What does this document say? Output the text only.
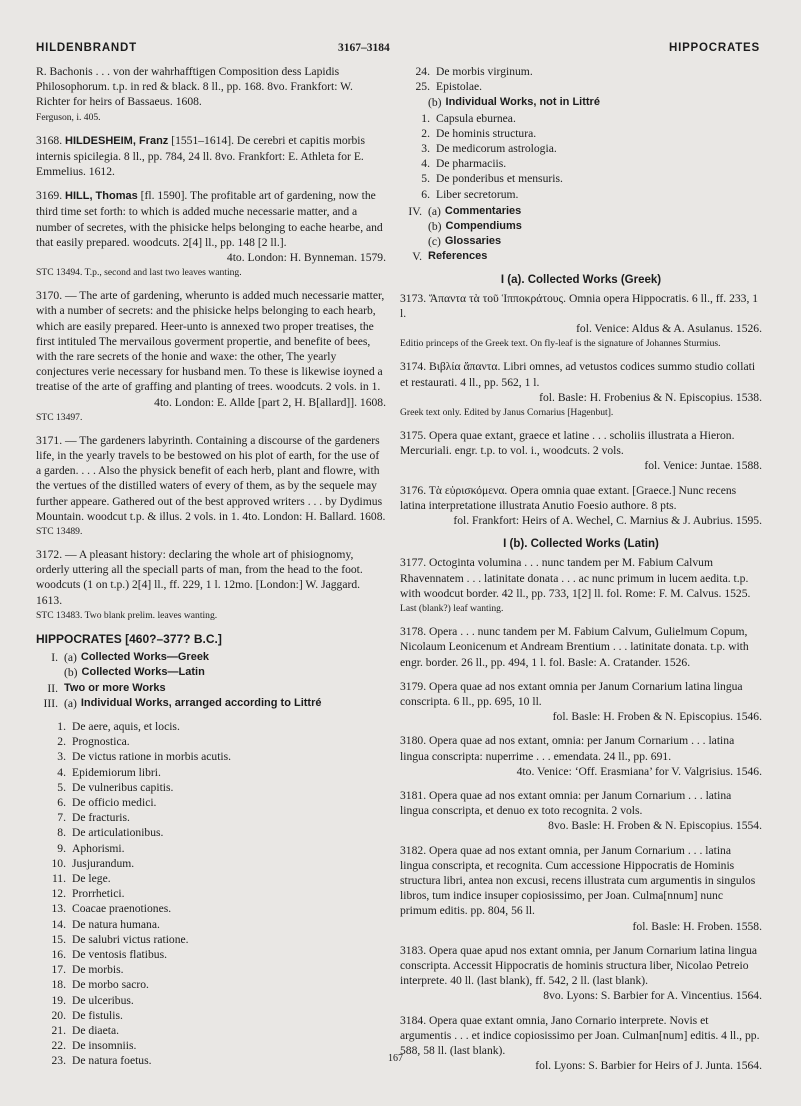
HILDENBRANDT	3167–3184	HIPPOCRATES
R. Bachonis . . . von der wahrhafftigen Composition dess Lapidis Philosophorum. t.p. in red & black. 8 ll., pp. 168. 8vo. Frankfort: W. Richter for heirs of Bassaeus. 1608.
Ferguson, i. 405.
3168. HILDESHEIM, Franz [1551–1614]. De cerebri et capitis morbis internis spicilegia. 8 ll., pp. 784, 24 ll. 8vo. Frankfort: E. Athleta for E. Emmelius. 1612.
3169. HILL, Thomas [fl. 1590]. The profitable art of gardening, now the third time set forth: to which is added muche necessarie matter, and a number of secretes, with the phisicke helps belonging to eache hearbe, and that easily prepared. woodcuts. 2[4] ll., pp. 148 [2 ll.].
4to. London: H. Bynneman. 1579.
STC 13494. T.p., second and last two leaves wanting.
3170. — The arte of gardening, wherunto is added much necessarie matter, with a number of secrets: and the phisicke helps belonging to each hearb, which are easily prepared. Heer-unto is annexed two proper treatises, the first intituled The mervailous goverment propertie, and benefite of bees, with the rare secrets of the honie and waxe: the other, The yearly conjectures verie necessary for husband men. To these is likewise ioyned a treatise of the arte of graffing and planting of trees. woodcuts. 2 vols. in 1.
4to. London: E. Allde [part 2, H. B[allard]]. 1608.
STC 13497.
3171. — The gardeners labyrinth. Containing a discourse of the gardeners life, in the yearly travels to be bestowed on his plot of earth, for the use of a garden. . . . Also the physick benefit of each herb, plant and flowre, with the vertues of the distilled waters of every of them, as by the sequele may further appeare. Gathered out of the best approved writers . . . by Dydimus Mountain. woodcut t.p. & illus. 2 vols. in 1. 4to. London: H. Ballard. 1608.
STC 13489.
3172. — A pleasant history: declaring the whole art of phisiognomy, orderly uttering all the speciall parts of man, from the head to the foot. woodcuts (1 on t.p.) 2[4] ll., ff. 229, 1 l. 12mo. [London:] W. Jaggard. 1613.
STC 13483. Two blank prelim. leaves wanting.
HIPPOCRATES [460?–377? B.C.]
I. (a) Collected Works—Greek
(b) Collected Works—Latin
II. Two or more Works
III. (a) Individual Works, arranged according to Littré
1. De aere, aquis, et locis.
2. Prognostica.
3. De victus ratione in morbis acutis.
4. Epidemiorum libri.
5. De vulneribus capitis.
6. De officio medici.
7. De fracturis.
8. De articulationibus.
9. Aphorismi.
10. Jusjurandum.
11. De lege.
12. Prorrhetici.
13. Coacae praenotiones.
14. De natura humana.
15. De salubri victus ratione.
16. De ventosis flatibus.
17. De morbis.
18. De morbo sacro.
19. De ulceribus.
20. De fistulis.
21. De diaeta.
22. De insomniis.
23. De natura foetus.
24. De morbis virginum.
25. Epistolae.
(b) Individual Works, not in Littré
1. Capsula eburnea.
2. De hominis structura.
3. De medicorum astrologia.
4. De pharmaciis.
5. De ponderibus et mensuris.
6. Liber secretorum.
IV. (a) Commentaries
(b) Compendiums
(c) Glossaries
V. References
I (a). Collected Works (Greek)
3173. Ἅπαντα τὰ τοῦ Ἱπποκράτους. Omnia opera Hippocratis. 6 ll., ff. 233, 1 l.
fol. Venice: Aldus & A. Asulanus. 1526.
Editio princeps of the Greek text. On fly-leaf is the signature of Johannes Sturmius.
3174. Βιβλία ἅπαντα. Libri omnes, ad vetustos codices summo studio collati et restaurati. 4 ll., pp. 562, 1 l.
fol. Basle: H. Frobenius & N. Episcopius. 1538.
Greek text only. Edited by Janus Cornarius [Hagenbut].
3175. Opera quae extant, graece et latine . . . scholiis illustrata a Hieron. Mercuriali. engr. t.p. to vol. i., woodcuts. 2 vols.
fol. Venice: Juntae. 1588.
3176. Τὰ εὑρισκόμενα. Opera omnia quae extant. [Graece.] Nunc recens latina interpretatione illustrata Anutio Foesio authore. 8 pts.
fol. Frankfort: Heirs of A. Wechel, C. Marnius & J. Aubrius. 1595.
I (b). Collected Works (Latin)
3177. Octoginta volumina . . . nunc tandem per M. Fabium Calvum Rhavennatem . . . latinitate donata . . . ac nunc primum in lucem aedita. t.p. with woodcut border. 42 ll., pp. 733, 1[2] ll. fol. Rome: F. M. Calvus. 1525.
Last (blank?) leaf wanting.
3178. Opera . . . nunc tandem per M. Fabium Calvum, Gulielmum Copum, Nicolaum Leonicenum et Andream Brentium . . . latinitate donata. t.p. with engr. border. 26 ll., pp. 494, 1 l. fol. Basle: A. Cratander. 1526.
3179. Opera quae ad nos extant omnia per Janum Cornarium latina lingua conscripta. 6 ll., pp. 695, 10 ll.
fol. Basle: H. Froben & N. Episcopius. 1546.
3180. Opera quae ad nos extant, omnia: per Janum Cornarium . . . latina lingua conscripta: nuperrime . . . emendata. 24 ll., pp. 691.
4to. Venice: ‘Off. Erasmiana’ for V. Valgrisius. 1546.
3181. Opera quae ad nos extant omnia: per Janum Cornarium . . . latina lingua conscripta, et denuo ex toto recognita. 2 vols.
8vo. Basle: H. Froben & N. Episcopius. 1554.
3182. Opera quae ad nos extant omnia, per Janum Cornarium . . . latina lingua conscripta, et recognita. Cum accessione Hippocratis de Hominis structura libri, antea non excusi, recens illustrata cum argumentis in singulos libros, tum indice insuper copiosissimo, per Joan. Culma[nnum] nunc primum editis. pp. 804, 56 ll.
fol. Basle: H. Froben. 1558.
3183. Opera quae apud nos extant omnia, per Janum Cornarium latina lingua conscripta. Accessit Hippocratis de hominis structura liber, Nicolao Petreio interprete. 40 ll. (last blank), ff. 542, 2 ll. (last blank).
8vo. Lyons: S. Barbier for A. Vincentius. 1564.
3184. Opera quae extant omnia, Jano Cornario interprete. Novis et argumentis . . . et indice copiosissimo per Joan. Culman[num] editis. 4 ll., pp. 588, 58 ll. (last blank).
fol. Lyons: S. Barbier for Heirs of J. Junta. 1564.
167
